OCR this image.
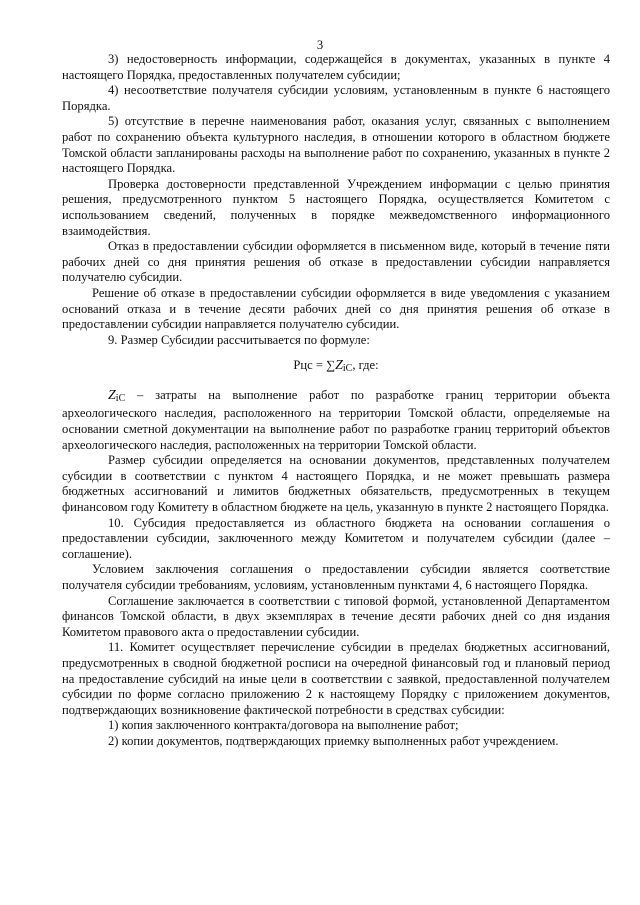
3

3) недостоверность информации, содержащейся в документах, указанных в пункте 4 настоящего Порядка, предоставленных получателем субсидии;

4) несоответствие получателя субсидии условиям, установленным в пункте 6 настоящего Порядка.

5) отсутствие в перечне наименования работ, оказания услуг, связанных с выполнением работ по сохранению объекта культурного наследия, в отношении которого в областном бюджете Томской области запланированы расходы на выполнение работ по сохранению, указанных в пункте 2 настоящего Порядка.

Проверка достоверности представленной Учреждением информации с целью принятия решения, предусмотренного пунктом 5 настоящего Порядка, осуществляется Комитетом с использованием сведений, полученных в порядке межведомственного информационного взаимодействия.

Отказ в предоставлении субсидии оформляется в письменном виде, который в течение пяти рабочих дней со дня принятия решения об отказе в предоставлении субсидии направляется получателю субсидии.

Решение об отказе в предоставлении субсидии оформляется в виде уведомления с указанием оснований отказа и в течение десяти рабочих дней со дня принятия решения об отказе в предоставлении субсидии направляется получателю субсидии.

9. Размер Субсидии рассчитывается по формуле:

Рцс = $\sum Z_{iC}$, где:

$Z_{iC}$ – затраты на выполнение работ по разработке границ территории объекта археологического наследия, расположенного на территории Томской области, определяемые на основании сметной документации на выполнение работ по разработке границ территорий объектов археологического наследия, расположенных на территории Томской области.

Размер субсидии определяется на основании документов, представленных получателем субсидии в соответствии с пунктом 4 настоящего Порядка, и не может превышать размера бюджетных ассигнований и лимитов бюджетных обязательств, предусмотренных в текущем финансовом году Комитету в областном бюджете на цель, указанную в пункте 2 настоящего Порядка.

10. Субсидия предоставляется из областного бюджета на основании соглашения о предоставлении субсидии, заключенного между Комитетом и получателем субсидии (далее – соглашение).

Условием заключения соглашения о предоставлении субсидии является соответствие получателя субсидии требованиям, условиям, установленным пунктами 4, 6 настоящего Порядка.

Соглашение заключается в соответствии с типовой формой, установленной Департаментом финансов Томской области, в двух экземплярах в течение десяти рабочих дней со дня издания Комитетом правового акта о предоставлении субсидии.

11. Комитет осуществляет перечисление субсидии в пределах бюджетных ассигнований, предусмотренных в сводной бюджетной росписи на очередной финансовый год и плановый период на предоставление субсидий на иные цели в соответствии с заявкой, предоставленной получателем субсидии по форме согласно приложению 2 к настоящему Порядку с приложением документов, подтверждающих возникновение фактической потребности в средствах субсидии:

1) копия заключенного контракта/договора на выполнение работ;

2) копии документов, подтверждающих приемку выполненных работ учреждением.
